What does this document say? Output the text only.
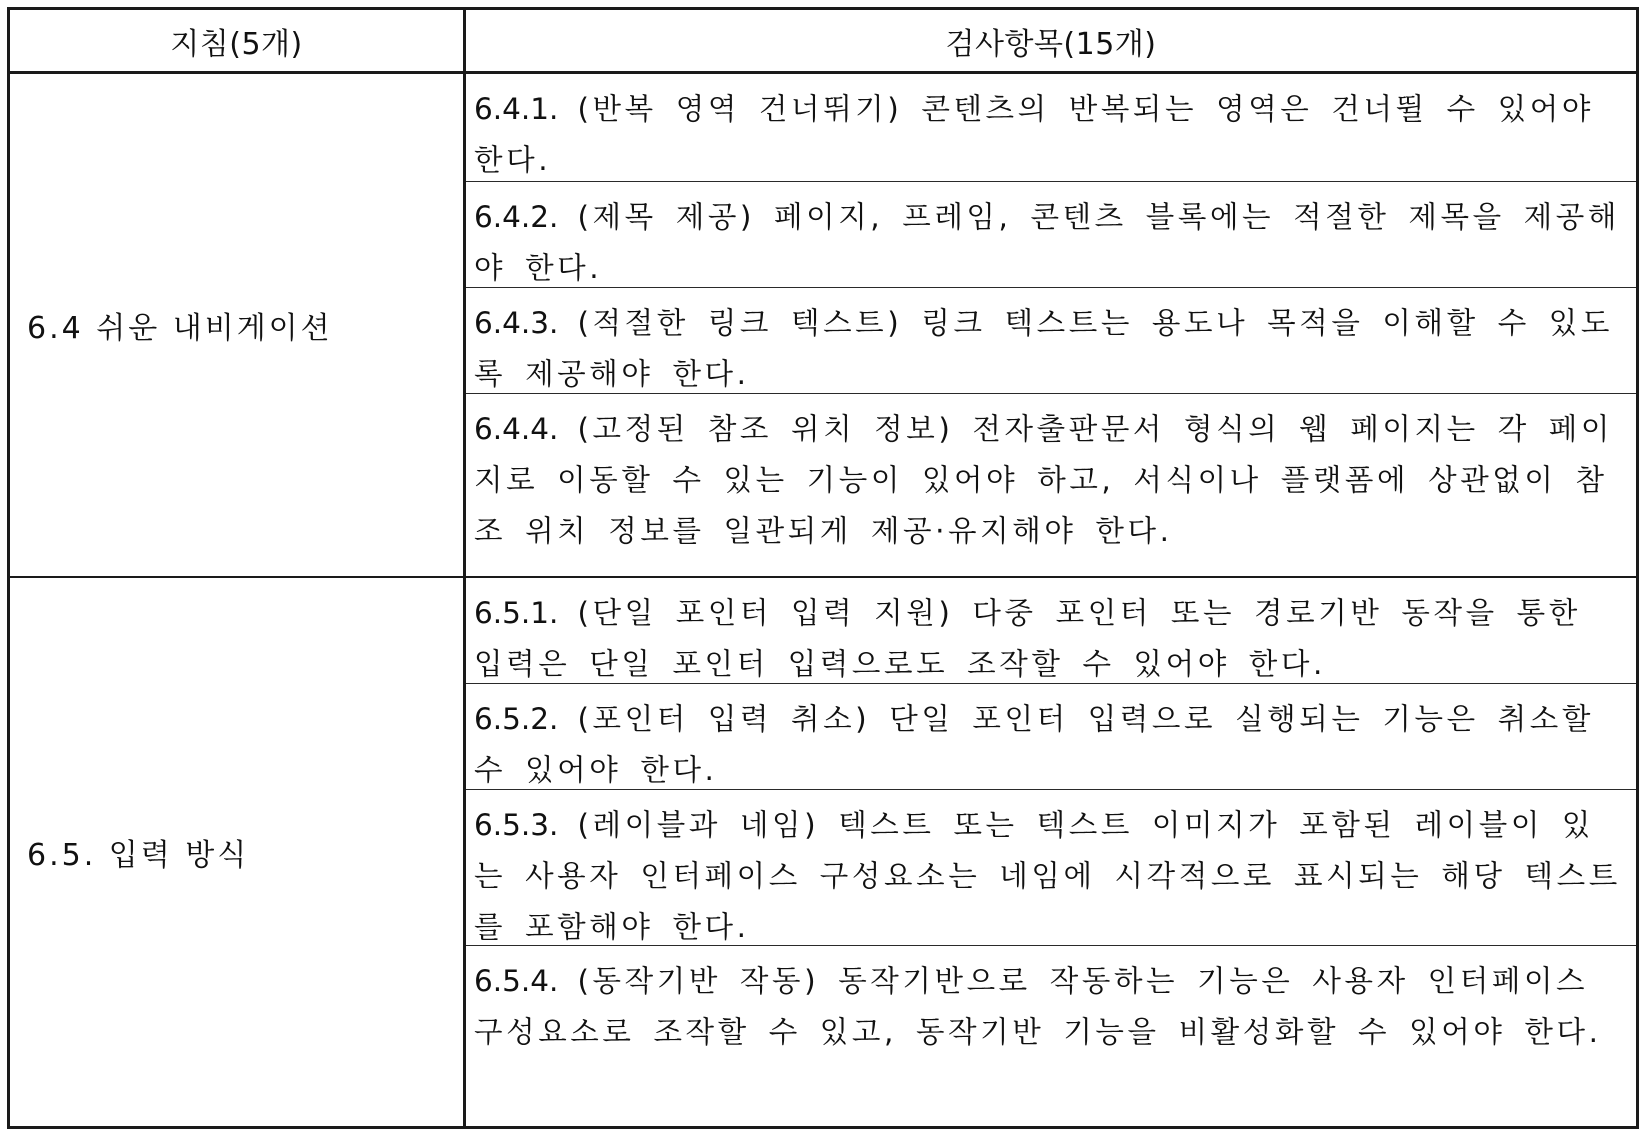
지침(5개)	검사항목(15개)
6.4 쉬운 내비게이션
6.4.1. (반복 영역 건너뛰기) 콘텐츠의 반복되는 영역은 건너뛸 수 있어야 한다.
6.4.2. (제목 제공) 페이지, 프레임, 콘텐츠 블록에는 적절한 제목을 제공해야 한다.
6.4.3. (적절한 링크 텍스트) 링크 텍스트는 용도나 목적을 이해할 수 있도록 제공해야 한다.
6.4.4. (고정된 참조 위치 정보) 전자출판문서 형식의 웹 페이지는 각 페이지로 이동할 수 있는 기능이 있어야 하고, 서식이나 플랫폼에 상관없이 참조 위치 정보를 일관되게 제공·유지해야 한다.
6.5. 입력 방식
6.5.1. (단일 포인터 입력 지원) 다중 포인터 또는 경로기반 동작을 통한 입력은 단일 포인터 입력으로도 조작할 수 있어야 한다.
6.5.2. (포인터 입력 취소) 단일 포인터 입력으로 실행되는 기능은 취소할 수 있어야 한다.
6.5.3. (레이블과 네임) 텍스트 또는 텍스트 이미지가 포함된 레이블이 있는 사용자 인터페이스 구성요소는 네임에 시각적으로 표시되는 해당 텍스트를 포함해야 한다.
6.5.4. (동작기반 작동) 동작기반으로 작동하는 기능은 사용자 인터페이스 구성요소로 조작할 수 있고, 동작기반 기능을 비활성화할 수 있어야 한다.
